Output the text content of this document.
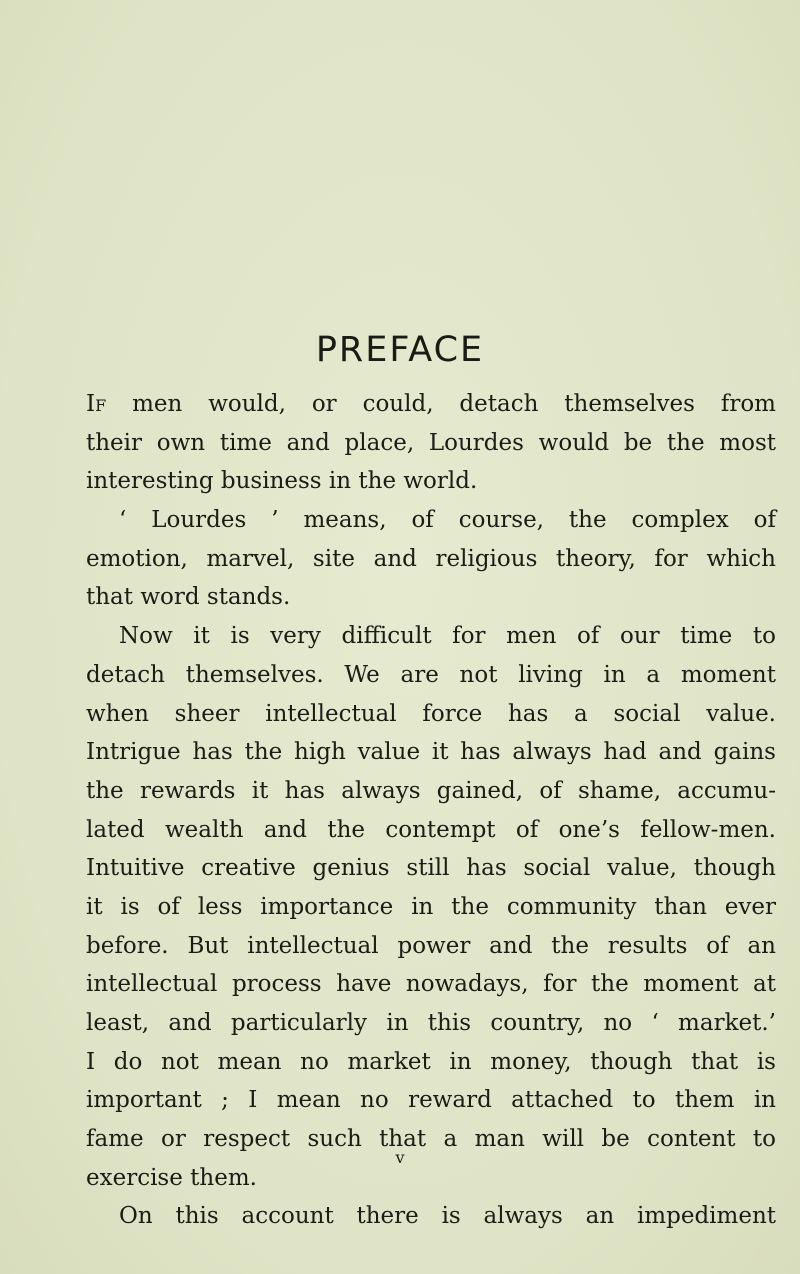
PREFACE
If men would, or could, detach themselves from
their own time and place, Lourdes would be the most
interesting business in the world.
‘ Lourdes ’ means, of course, the complex of
emotion, marvel, site and religious theory, for which
that word stands.
Now it is very difficult for men of our time to
detach themselves. We are not living in a moment
when sheer intellectual force has a social value.
Intrigue has the high value it has always had and gains
the rewards it has always gained, of shame, accumu-
lated wealth and the contempt of one’s fellow-men.
Intuitive creative genius still has social value, though
it is of less importance in the community than ever
before. But intellectual power and the results of an
intellectual process have nowadays, for the moment at
least, and particularly in this country, no ‘ market.’
I do not mean no market in money, though that is
important ; I mean no reward attached to them in
fame or respect such that a man will be content to
exercise them.
On this account there is always an impediment
v
